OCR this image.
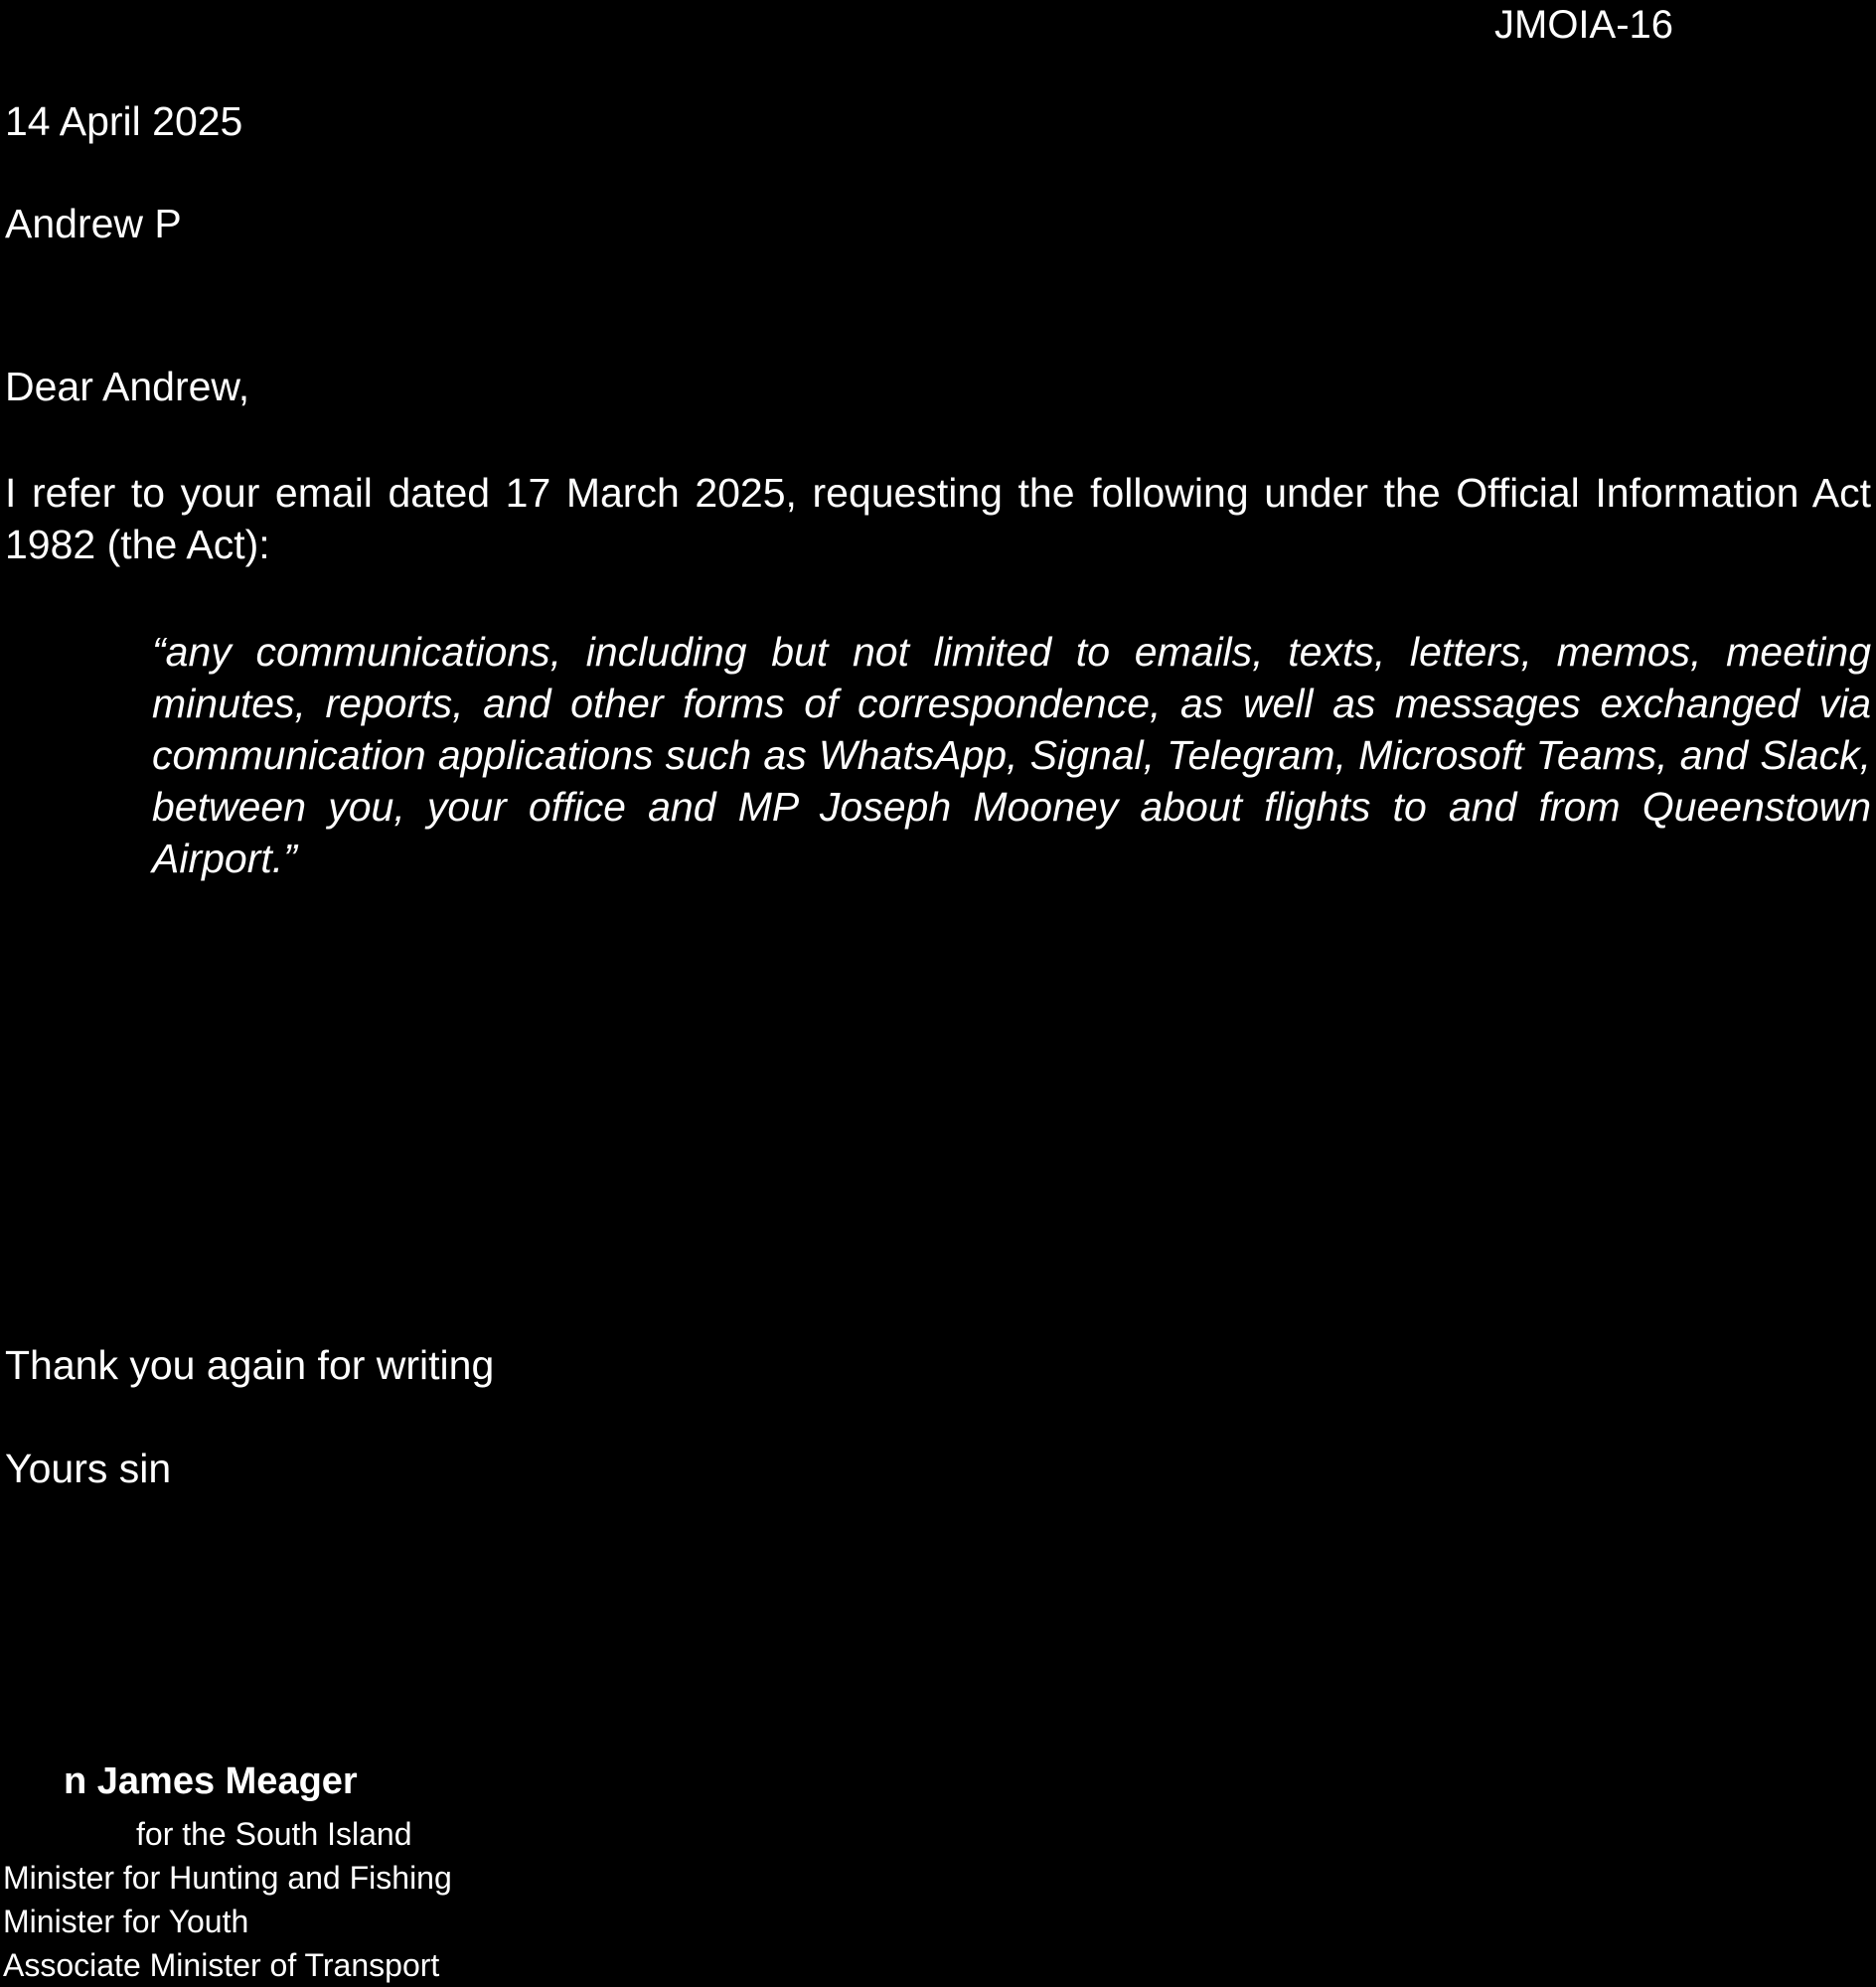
JMOIA-16
14 April 2025
Andrew P
Dear Andrew,
I refer to your email dated 17 March 2025, requesting the following under the Official Information Act 1982 (the Act):
“any communications, including but not limited to emails, texts, letters, memos, meeting minutes, reports, and other forms of correspondence, as well as messages exchanged via communication applications such as WhatsApp, Signal, Telegram, Microsoft Teams, and Slack, between you, your office and MP Joseph Mooney about flights to and from Queenstown Airport.”
Thank you again for writing
Yours sin
n James Meager
for the South Island
Minister for Hunting and Fishing
Minister for Youth
Associate Minister of Transport
